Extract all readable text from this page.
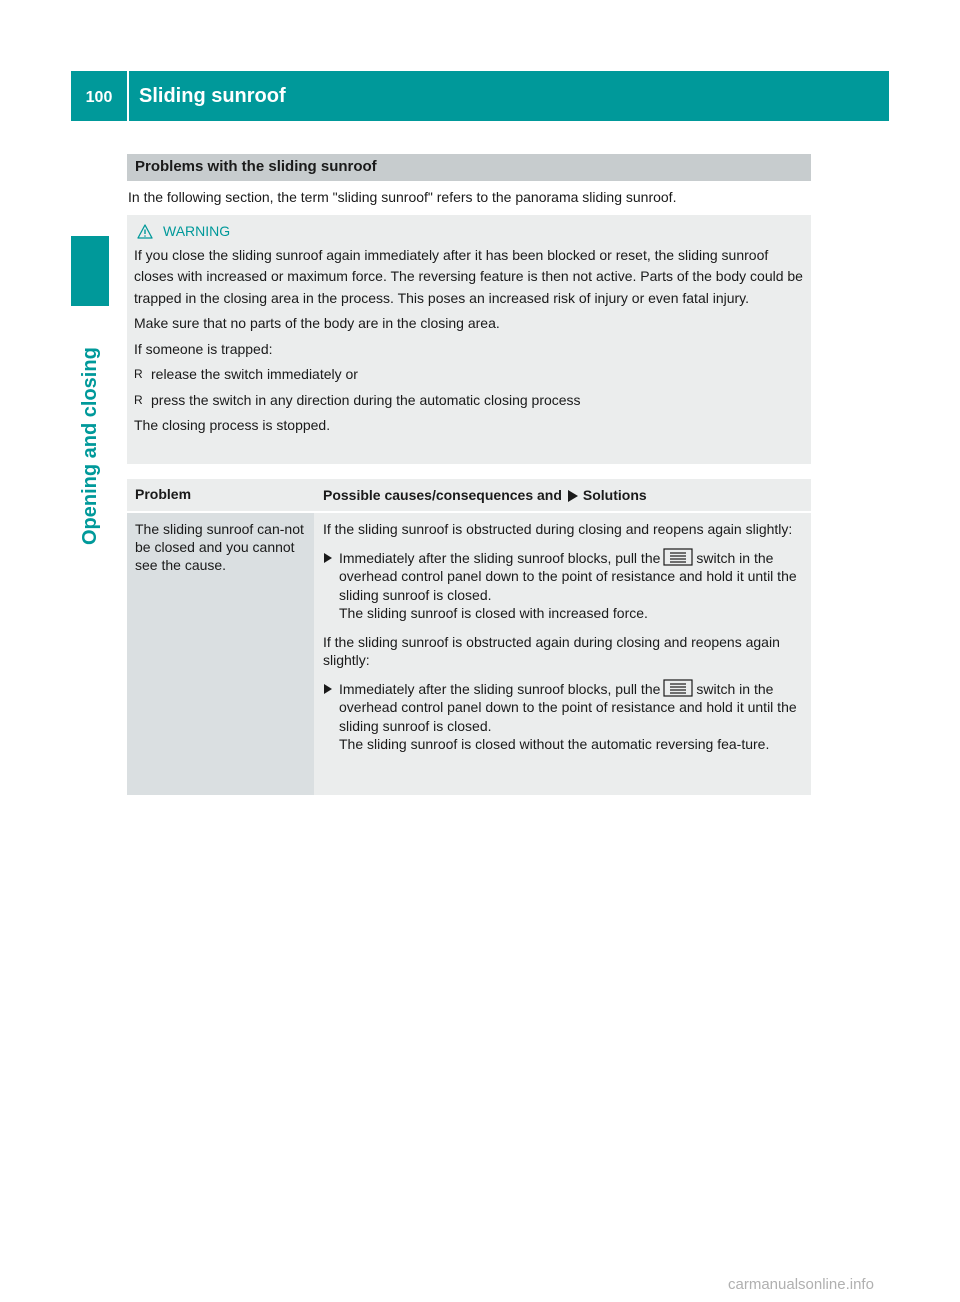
100	Sliding sunroof
Opening and closing
Problems with the sliding sunroof
In the following section, the term "sliding sunroof" refers to the panorama sliding sunroof.
WARNING

If you close the sliding sunroof again immediately after it has been blocked or reset, the sliding sunroof closes with increased or maximum force. The reversing feature is then not active. Parts of the body could be trapped in the closing area in the process. This poses an increased risk of injury or even fatal injury.

Make sure that no parts of the body are in the closing area.

If someone is trapped:

R release the switch immediately or
R press the switch in any direction during the automatic closing process

The closing process is stopped.

Problem	Possible causes/consequences and Solutions
The sliding sunroof can-not be closed and you cannot see the cause.

If the sliding sunroof is obstructed during closing and reopens again slightly:

Immediately after the sliding sunroof blocks, pull the	switch in the overhead control panel down to the point of resistance and hold it until the sliding sunroof is closed.
The sliding sunroof is closed with increased force.

If the sliding sunroof is obstructed again during closing and reopens again slightly:

Immediately after the sliding sunroof blocks, pull the	switch in the overhead control panel down to the point of resistance and hold it until the sliding sunroof is closed.
The sliding sunroof is closed without the automatic reversing fea-ture.
carmanualsonline.info
